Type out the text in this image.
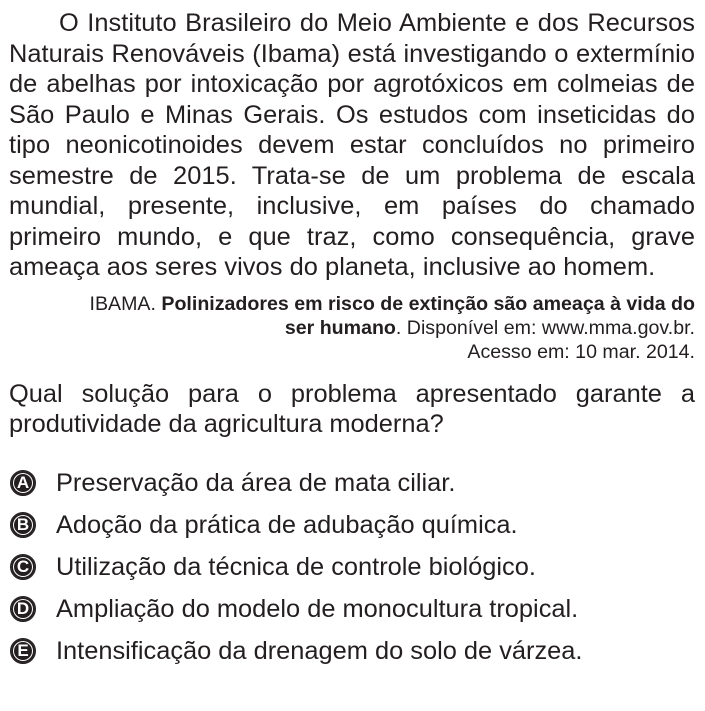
O Instituto Brasileiro do Meio Ambiente e dos Recursos Naturais Renováveis (Ibama) está investigando o extermínio de abelhas por intoxicação por agrotóxicos em colmeias de São Paulo e Minas Gerais. Os estudos com inseticidas do tipo neonicotinoides devem estar concluídos no primeiro semestre de 2015. Trata-se de um problema de escala mundial, presente, inclusive, em países do chamado primeiro mundo, e que traz, como consequência, grave ameaça aos seres vivos do planeta, inclusive ao homem.

IBAMA. Polinizadores em risco de extinção são ameaça à vida do ser humano. Disponível em: www.mma.gov.br.
Acesso em: 10 mar. 2014.

Qual solução para o problema apresentado garante a produtividade da agricultura moderna?

A Preservação da área de mata ciliar.
B Adoção da prática de adubação química.
C Utilização da técnica de controle biológico.
D Ampliação do modelo de monocultura tropical.
E Intensificação da drenagem do solo de várzea.
